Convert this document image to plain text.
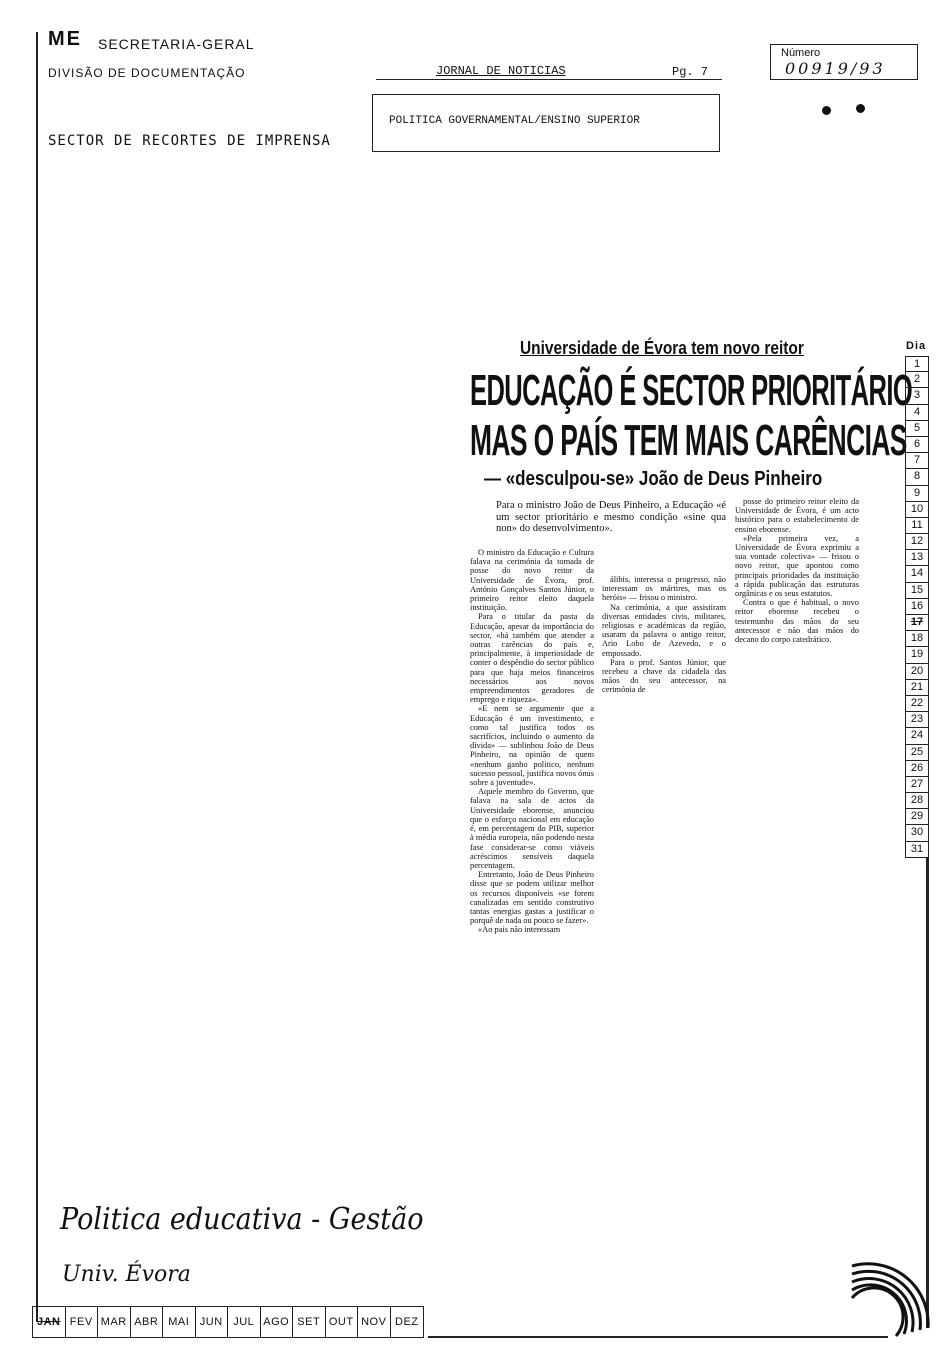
ME SECRETARIA-GERAL
DIVISÃO DE DOCUMENTAÇÃO
SECTOR DE RECORTES DE IMPRENSA
JORNAL DE NOTICIAS	Pg. 7
Número
00919/93
POLITICA GOVERNAMENTAL/ENSINO SUPERIOR
Universidade de Évora tem novo reitor
EDUCAÇÃO É SECTOR PRIORITÁRIO
MAS O PAÍS TEM MAIS CARÊNCIAS
— «desculpou-se» João de Deus Pinheiro
Para o ministro João de Deus Pinheiro, a Educação «é um sector prioritário e mesmo condição «sine qua non» do desenvolvimento».

O ministro da Educação e Cultura falava na cerimónia da tomada de posse do novo reitor da Universidade de Évora, prof. António Gonçalves Santos Júnior, o primeiro reitor eleito daquela instituição.

Para o titular da pasta da Educação, apesar da importância do sector, «há também que atender a outras carências do país e, principalmente, à imperiosidade de conter o despêndio do sector público para que haja meios financeiros necessários aos novos empreendimentos geradores de emprego e riqueza».

«E nem se argumente que a Educação é um investimento, e como tal justifica todos os sacrifícios, incluindo o aumento da dívida» — sublinhou João de Deus Pinheiro, na opinião de quem «nenhum ganho político, nenhum sucesso pessoal, justifica novos ónus sobre a juventude».

Aquele membro do Governo, que falava na sala de actos da Universidade eborense, anunciou que o esforço nacional em educação é, em percentagem do PIB, superior à média europeia, não podendo nesta fase considerar-se como viáveis acréscimos sensíveis daquela percentagem.

Entretanto, João de Deus Pinheiro disse que se podem utilizar melhor os recursos disponíveis «se forem canalizadas em sentido construtivo tantas energias gastas a justificar o porquê de nada ou pouco se fazer».

«Ao país não interessam

álibis, interessa o progresso, não interessam os mártires, mas os heróis» — frisou o ministro.

Na cerimónia, a que assistiram diversas entidades civis, militares, religiosas e académicas da região, usaram da palavra o antigo reitor, Ario Lobo de Azevedo, e o empossado.

Para o prof. Santos Júnior, que recebeu a chave da cidadela das mãos do seu antecessor, na cerimónia de

posse do primeiro reitor eleito da Universidade de Évora, é um acto histórico para o estabelecimento de ensino eborense.

«Pela primeira vez, a Universidade de Évora exprimiu a sua vontade colectiva» — frisou o novo reitor, que apontou como principais prioridades da instituição a rápida publicação das estruturas orgânicas e os seus estatutos.

Contra o que é habitual, o novo reitor eborense recebeu o testemunho das mãos do seu antecessor e não das mãos do decano do corpo catedrático.

Dia
1
2
3
4
5
6
7
8
9
10
11
12
13
14
15
16
17
18
19
20
21
22
23
24
25
26
27
28
29
30
31
Politica educativa - Gestão
Univ. Évora
JAN FEV MAR ABR MAI JUN JUL AGO SET OUT NOV DEZ
